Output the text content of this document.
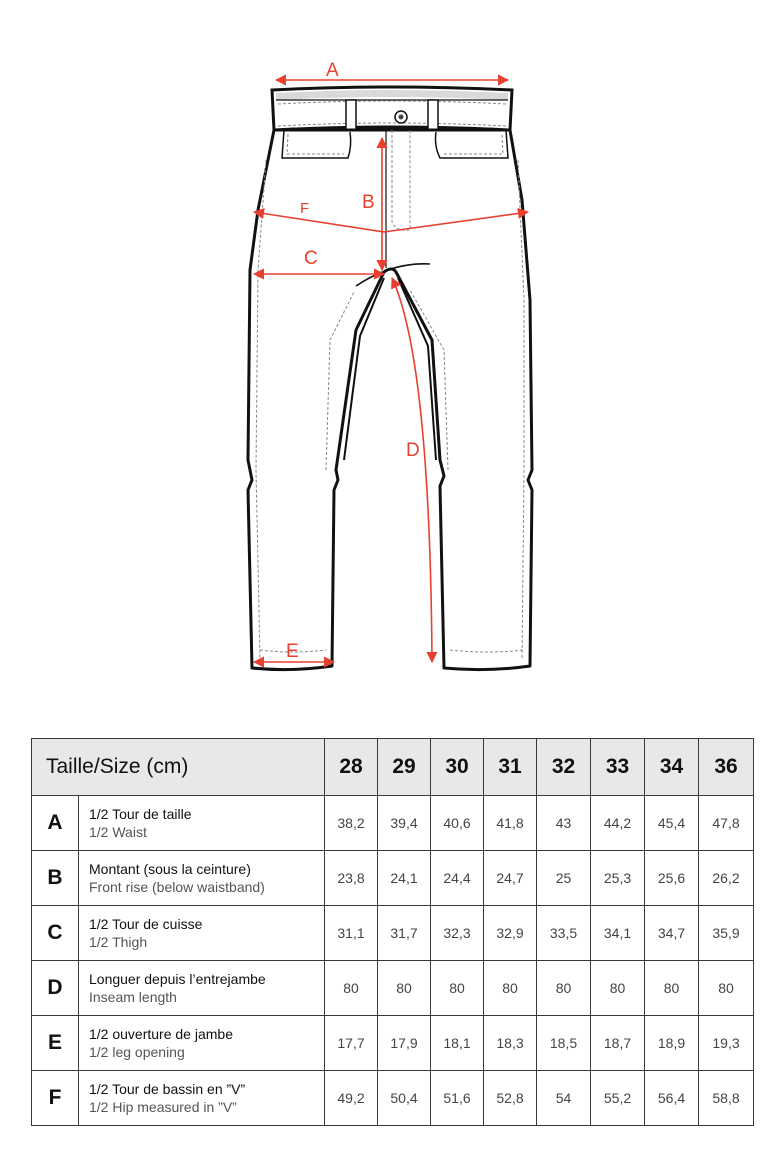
A
B
F
C
D
E
Taille/Size (cm)		28	29	30	31	32	33	34	36
A	1/2 Tour de taille
1/2 Waist	38,2	39,4	40,6	41,8	43	44,2	45,4	47,8
B	Montant (sous la ceinture)
Front rise (below waistband)	23,8	24,1	24,4	24,7	25	25,3	25,6	26,2
C	1/2 Tour de cuisse
1/2 Thigh	31,1	31,7	32,3	32,9	33,5	34,1	34,7	35,9
D	Longuer depuis l’entrejambe
Inseam length	80	80	80	80	80	80	80	80
E	1/2 ouverture de jambe
1/2 leg opening	17,7	17,9	18,1	18,3	18,5	18,7	18,9	19,3
F	1/2 Tour de bassin en ”V”
1/2 Hip measured in ”V”	49,2	50,4	51,6	52,8	54	55,2	56,4	58,8
